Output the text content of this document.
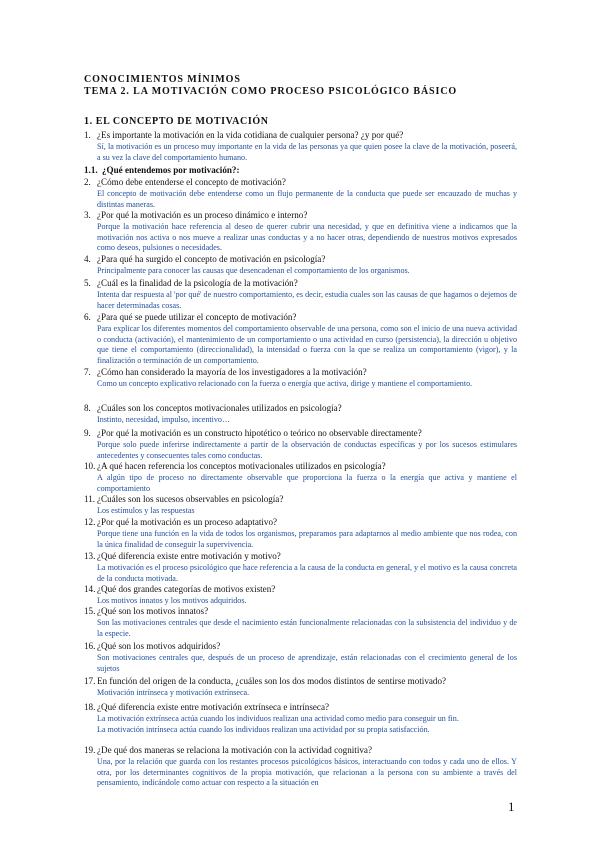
CONOCIMIENTOS MÍNIMOS
TEMA 2. LA MOTIVACIÓN COMO PROCESO PSICOLÓGICO BÁSICO
1. EL CONCEPTO DE MOTIVACIÓN
1. ¿Es importante la motivación en la vida cotidiana de cualquier persona? ¿y por qué?

Sí, la motivación es un proceso muy importante en la vida de las personas ya que quien posee la clave de la motivación, poseerá, a su vez la clave del comportamiento humano.

1.1. ¿Qué entendemos por motivación?:
2. ¿Cómo debe entenderse el concepto de motivación?

El concepto de motivación debe entenderse como un flujo permanente de la conducta que puede ser encauzado de muchas y distintas maneras.

3. ¿Por qué la motivación es un proceso dinámico e interno?

Porque la motivación hace referencia al deseo de querer cubrir una necesidad, y que en definitiva viene a indicarnos que la motivación nos activa o nos mueve a realizar unas conductas y a no hacer otras, dependiendo de nuestros motivos expresados como deseos, pulsiones o necesidades.

4. ¿Para qué ha surgido el concepto de motivación en psicología?

Principalmente para conocer las causas que desencadenan el comportamiento de los organismos.

5. ¿Cuál es la finalidad de la psicología de la motivación?

Intenta dar respuesta al 'por qué' de nuestro comportamiento, es decir, estudia cuales son las causas de que hagamos o dejemos de hacer determinadas cosas.

6. ¿Para qué se puede utilizar el concepto de motivación?

Para explicar los diferentes momentos del comportamiento observable de una persona, como son el inicio de una nueva actividad o conducta (activación), el mantenimiento de un comportamiento o una actividad en curso (persistencia), la dirección u objetivo que tiene el comportamiento (direccionalidad), la intensidad o fuerza con la que se realiza un comportamiento (vigor), y la finalización o terminación de un comportamiento.

7. ¿Cómo han considerado la mayoría de los investigadores a la motivación?

Como un concepto explicativo relacionado con la fuerza o energía que activa, dirige y mantiene el comportamiento.

8. ¿Cuáles son los conceptos motivacionales utilizados en psicología?

Instinto, necesidad, impulso, incentivo…

9. ¿Por qué la motivación es un constructo hipotético o teórico no observable directamente?

Porque solo puede inferirse indirectamente a partir de la observación de conductas específicas y por los sucesos estimulares antecedentes y consecuentes tales como conductas.

10. ¿A qué hacen referencia los conceptos motivacionales utilizados en psicología?

A algún tipo de proceso no directamente observable que proporciona la fuerza o la energía que activa y mantiene el comportamiento

11. ¿Cuáles son los sucesos observables en psicología?

Los estímulos y las respuestas

12. ¿Por qué la motivación es un proceso adaptativo?

Porque tiene una función en la vida de todos los organismos, preparamos para adaptarnos al medio ambiente que nos rodea, con la única finalidad de conseguir la supervivencia.

13. ¿Qué diferencia existe entre motivación y motivo?

La motivación es el proceso psicológico que hace referencia a la causa de la conducta en general, y el motivo es la causa concreta de la conducta motivada.

14. ¿Qué dos grandes categorías de motivos existen?

Los motivos innatos y los motivos adquiridos.

15. ¿Qué son los motivos innatos?

Son las motivaciones centrales que desde el nacimiento están funcionalmente relacionadas con la subsistencia del individuo y de la especie.

16. ¿Qué son los motivos adquiridos?

Son motivaciones centrales que, después de un proceso de aprendizaje, están relacionadas con el crecimiento general de los sujetos

17. En función del origen de la conducta, ¿cuáles son los dos modos distintos de sentirse motivado?

Motivación intrínseca y motivación extrínseca.

18. ¿Qué diferencia existe entre motivación extrínseca e intrínseca?

La motivación extrínseca actúa cuando los individuos realizan una actividad como medio para conseguir un fin.

La motivación intrínseca actúa cuando los individuos realizan una actividad por su propia satisfacción.

19. ¿De qué dos maneras se relaciona la motivación con la actividad cognitiva?

Una, por la relación que guarda con los restantes procesos psicológicos básicos, interactuando con todos y cada uno de ellos. Y otra, por los determinantes cognitivos de la propia motivación, que relacionan a la persona con su ambiente a través del pensamiento, indicándole como actuar con respecto a la situación en

1
